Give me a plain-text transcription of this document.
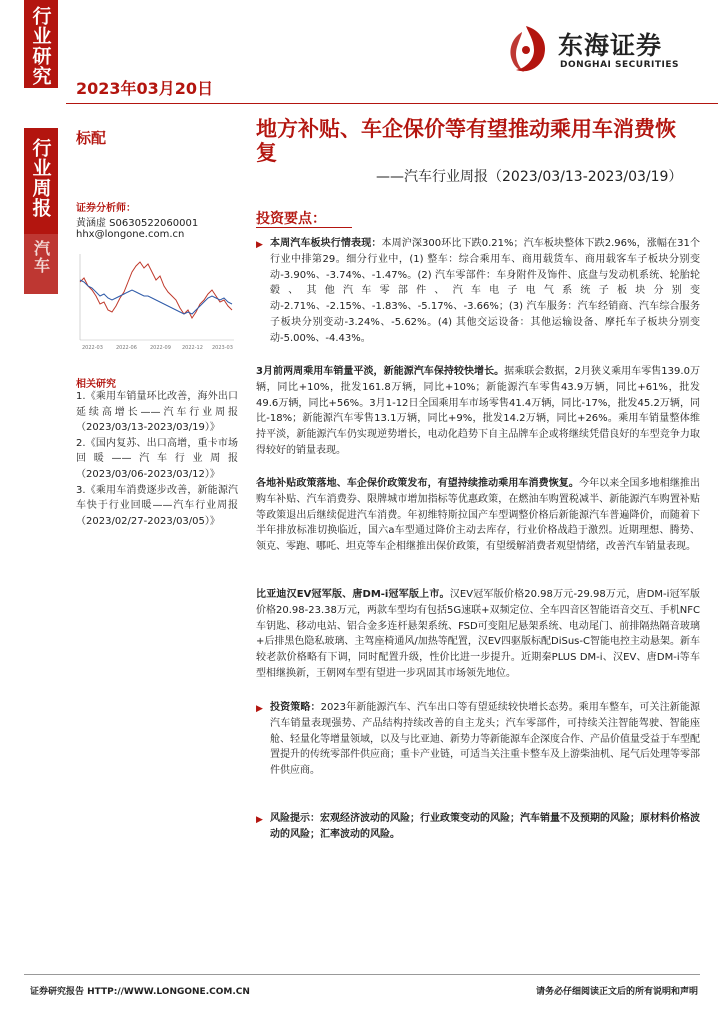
行业研究
行业周报
汽车
2023年03月20日
东海证券
DONGHAI SECURITIES
标配
证券分析师：
黄涵虚 S0630522060001
hhx@longone.com.cn
2022-03	2022-06	2022-09 2022-12 2023-03
相关研究

1.《乘用车销量环比改善，海外出口延续高增长——汽车行业周报（2023/03/13-2023/03/19）》

2.《国内复苏、出口高增，重卡市场回暖——汽车行业周报（2023/03/06-2023/03/12）》

3.《乘用车消费逐步改善，新能源汽车快于行业回暖——汽车行业周报（2023/02/27-2023/03/05）》

地方补贴、车企保价等有望推动乘用车消费恢复
——汽车行业周报（2023/03/13-2023/03/19）
投资要点：
▶ 本周汽车板块行情表现：本周沪深300环比下跌0.21%；汽车板块整体下跌2.96%，涨幅在31个行业中排第29。细分行业中，(1) 整车：综合乘用车、商用载货车、商用载客车子板块分别变动-3.90%、-3.74%、-1.47%。(2) 汽车零部件：车身附件及饰件、底盘与发动机系统、轮胎轮毂、其他汽车零部件、汽车电子电气系统子板块分别变动-2.71%、-2.15%、-1.83%、-5.17%、-3.66%；(3) 汽车服务：汽车经销商、汽车综合服务子板块分别变动-3.24%、-5.62%。(4) 其他交运设备：其他运输设备、摩托车子板块分别变动-5.00%、-4.43%。
3月前两周乘用车销量平淡，新能源汽车保持较快增长。据乘联会数据，2月狭义乘用车零售139.0万辆，同比+10%，批发161.8万辆，同比+10%；新能源汽车零售43.9万辆，同比+61%，批发49.6万辆，同比+56%。3月1-12日全国乘用车市场零售41.4万辆，同比-17%，批发45.2万辆，同比-18%；新能源汽车零售13.1万辆，同比+9%，批发14.2万辆，同比+26%。乘用车销量整体维持平淡，新能源汽车仍实现逆势增长，电动化趋势下自主品牌车企或将继续凭借良好的车型竞争力取得较好的销量表现。
各地补贴政策落地、车企保价政策发布，有望持续推动乘用车消费恢复。今年以来全国多地相继推出购车补贴、汽车消费券、限牌城市增加指标等优惠政策，在燃油车购置税减半、新能源汽车购置补贴等政策退出后继续促进汽车消费。年初维特斯拉国产车型调整价格后新能源汽车普遍降价，而随着下半年排放标准切换临近，国六a车型通过降价主动去库存，行业价格战趋于激烈。近期理想、腾势、领克、零跑、哪吒、坦克等车企相继推出保价政策，有望缓解消费者观望情绪，改善汽车销量表现。
比亚迪汉EV冠军版、唐DM-i冠军版上市。汉EV冠军版价格20.98万元-29.98万元，唐DM-i冠军版价格20.98-23.38万元，两款车型均有包括5G速联+双频定位、全车四音区智能语音交互、手机NFC车钥匙、移动电站、铝合金多连杆悬架系统、FSD可变阻尼悬架系统、电动尾门、前排隔热隔音玻璃+后排黑色隐私玻璃、主驾座椅通风/加热等配置，汉EV四驱版标配DiSus-C智能电控主动悬架。新车较老款价格略有下调，同时配置升级，性价比进一步提升。近期秦PLUS DM-i、汉EV、唐DM-i等车型相继换新，王朝网车型有望进一步巩固其市场领先地位。
▶ 投资策略：2023年新能源汽车、汽车出口等有望延续较快增长态势。乘用车整车，可关注新能源汽车销量表现强势、产品结构持续改善的自主龙头；汽车零部件，可持续关注智能驾驶、智能座舱、轻量化等增量领域，以及与比亚迪、新势力等新能源车企深度合作、产品价值量受益于车型配置提升的传统零部件供应商；重卡产业链，可适当关注重卡整车及上游柴油机、尾气后处理等零部件供应商。
▶ 风险提示：宏观经济波动的风险；行业政策变动的风险；汽车销量不及预期的风险；原材料价格波动的风险；汇率波动的风险。
证券研究报告 HTTP://WWW.LONGONE.COM.CN	请务必仔细阅读正文后的所有说明和声明
